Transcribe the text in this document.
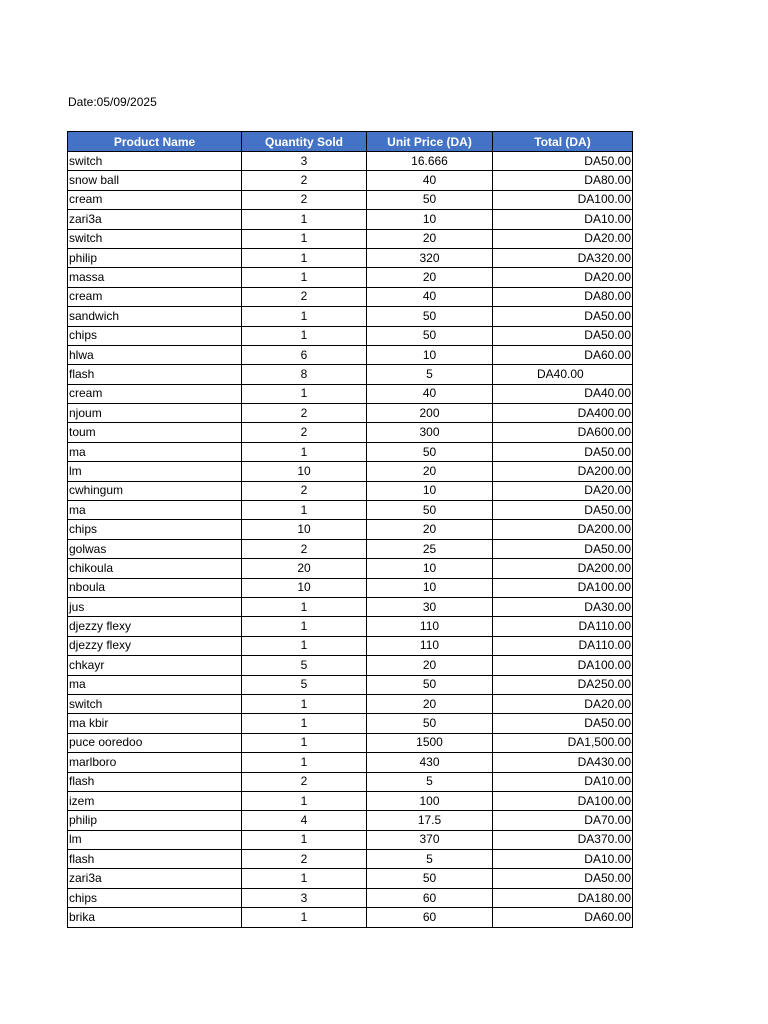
Date:05/09/2025
Product Name	Quantity Sold	Unit Price (DA)	Total (DA)
switch	3	16.666	DA50.00
snow ball	2	40	DA80.00
cream	2	50	DA100.00
zari3a	1	10	DA10.00
switch	1	20	DA20.00
philip	1	320	DA320.00
massa	1	20	DA20.00
cream	2	40	DA80.00
sandwich	1	50	DA50.00
chips	1	50	DA50.00
hlwa	6	10	DA60.00
flash	8	5	DA40.00
cream	1	40	DA40.00
njoum	2	200	DA400.00
toum	2	300	DA600.00
ma	1	50	DA50.00
lm	10	20	DA200.00
cwhingum	2	10	DA20.00
ma	1	50	DA50.00
chips	10	20	DA200.00
golwas	2	25	DA50.00
chikoula	20	10	DA200.00
nboula	10	10	DA100.00
jus	1	30	DA30.00
djezzy flexy	1	110	DA110.00
djezzy flexy	1	110	DA110.00
chkayr	5	20	DA100.00
ma	5	50	DA250.00
switch	1	20	DA20.00
ma kbir	1	50	DA50.00
puce ooredoo	1	1500	DA1,500.00
marlboro	1	430	DA430.00
flash	2	5	DA10.00
izem	1	100	DA100.00
philip	4	17.5	DA70.00
lm	1	370	DA370.00
flash	2	5	DA10.00
zari3a	1	50	DA50.00
chips	3	60	DA180.00
brika	1	60	DA60.00
